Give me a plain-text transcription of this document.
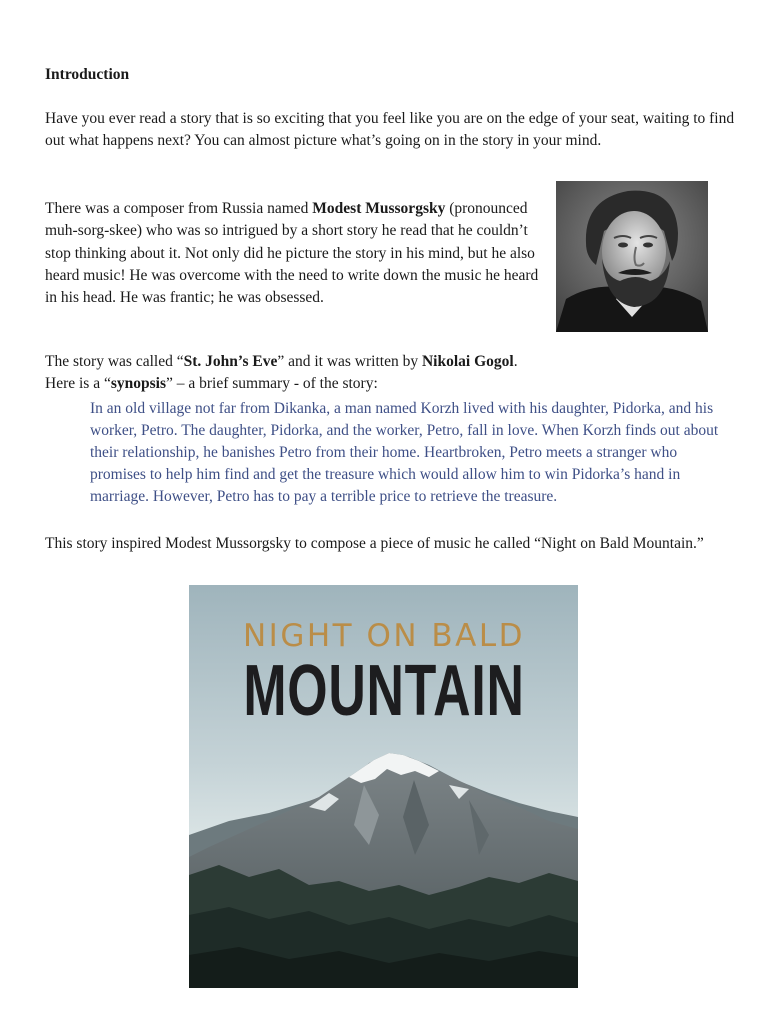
Introduction

Have you ever read a story that is so exciting that you feel like you are on the edge of your seat, waiting to find out what happens next? You can almost picture what’s going on in the story in your mind.

There was a composer from Russia named Modest Mussorgsky (pronounced muh-sorg-skee) who was so intrigued by a short story he read that he couldn’t stop thinking about it. Not only did he picture the story in his mind, but he also heard music! He was overcome with the need to write down the music he heard in his head. He was frantic; he was obsessed.

The story was called “St. John’s Eve” and it was written by Nikolai Gogol.
Here is a “synopsis” – a brief summary - of the story:

In an old village not far from Dikanka, a man named Korzh lived with his daughter, Pidorka, and his worker, Petro. The daughter, Pidorka, and the worker, Petro, fall in love. When Korzh finds out about their relationship, he banishes Petro from their home. Heartbroken, Petro meets a stranger who promises to help him find and get the treasure which would allow him to win Pidorka’s hand in marriage. However, Petro has to pay a terrible price to retrieve the treasure.

This story inspired Modest Mussorgsky to compose a piece of music he called “Night on Bald Mountain.”

NIGHT ON BALD
MOUNTAIN
